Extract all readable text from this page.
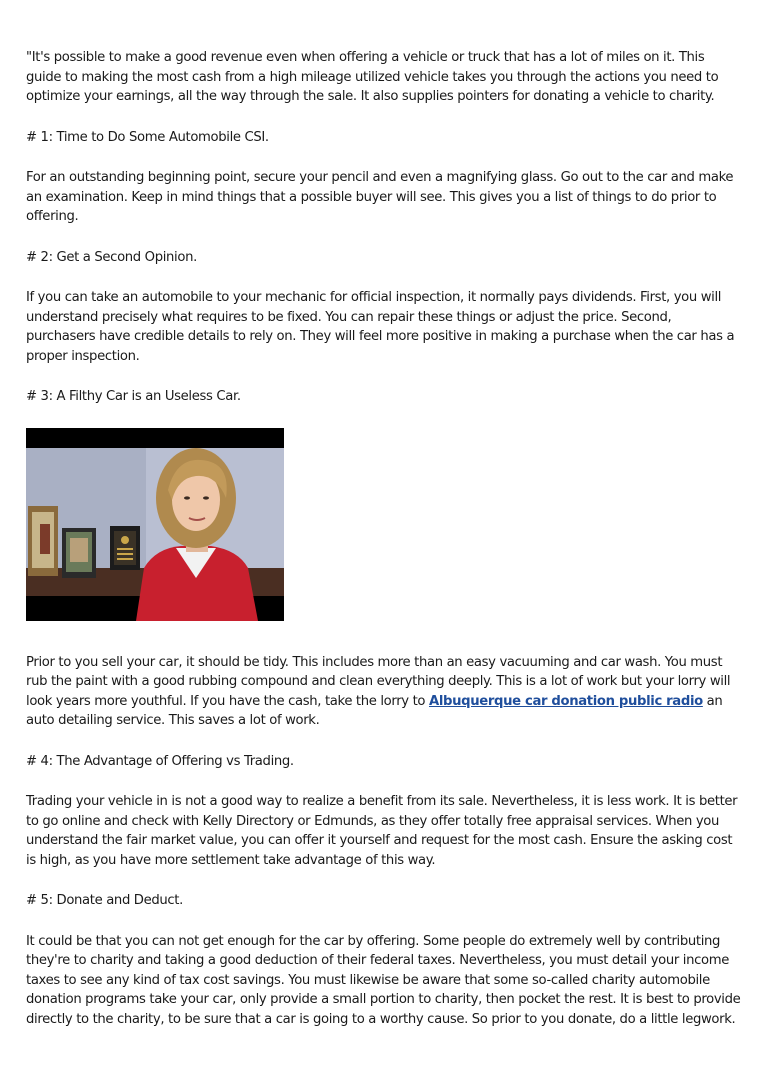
"It's possible to make a good revenue even when offering a vehicle or truck that has a lot of miles on it. This guide to making the most cash from a high mileage utilized vehicle takes you through the actions you need to optimize your earnings, all the way through the sale. It also supplies pointers for donating a vehicle to charity.

# 1: Time to Do Some Automobile CSI.

For an outstanding beginning point, secure your pencil and even a magnifying glass. Go out to the car and make an examination. Keep in mind things that a possible buyer will see. This gives you a list of things to do prior to offering.

# 2: Get a Second Opinion.

If you can take an automobile to your mechanic for official inspection, it normally pays dividends. First, you will understand precisely what requires to be fixed. You can repair these things or adjust the price. Second, purchasers have credible details to rely on. They will feel more positive in making a purchase when the car has a proper inspection.

# 3: A Filthy Car is an Useless Car.

Prior to you sell your car, it should be tidy. This includes more than an easy vacuuming and car wash. You must rub the paint with a good rubbing compound and clean everything deeply. This is a lot of work but your lorry will look years more youthful. If you have the cash, take the lorry to Albuquerque car donation public radio an auto detailing service. This saves a lot of work.

# 4: The Advantage of Offering vs Trading.

Trading your vehicle in is not a good way to realize a benefit from its sale. Nevertheless, it is less work. It is better to go online and check with Kelly Directory or Edmunds, as they offer totally free appraisal services. When you understand the fair market value, you can offer it yourself and request for the most cash. Ensure the asking cost is high, as you have more settlement take advantage of this way.

# 5: Donate and Deduct.

It could be that you can not get enough for the car by offering. Some people do extremely well by contributing they're to charity and taking a good deduction of their federal taxes. Nevertheless, you must detail your income taxes to see any kind of tax cost savings. You must likewise be aware that some so-called charity automobile donation programs take your car, only provide a small portion to charity, then pocket the rest. It is best to provide directly to the charity, to be sure that a car is going to a worthy cause. So prior to you donate, do a little legwork.
